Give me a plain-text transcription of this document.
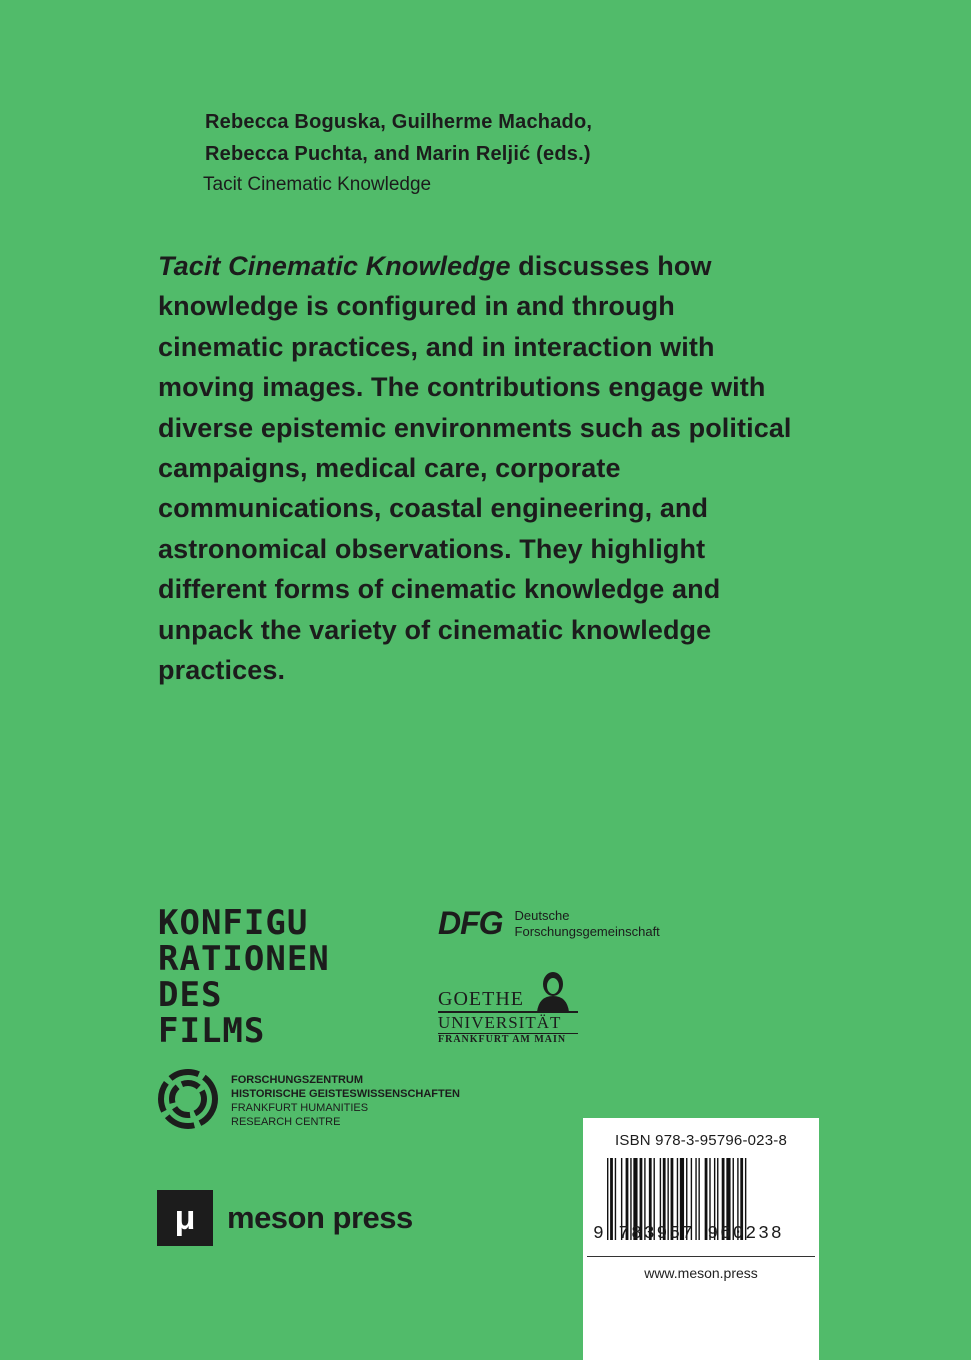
Rebecca Boguska, Guilherme Machado,
Rebecca Puchta, and Marin Reljić (eds.)
Tacit Cinematic Knowledge
Tacit Cinematic Knowledge discusses how knowledge is configured in and through cinematic practices, and in interaction with moving images. The contributions engage with diverse epistemic environments such as political campaigns, medical care, corporate communications, coastal engineering, and astronomical observations. They highlight different forms of cinematic knowledge and unpack the variety of cinematic knowledge practices.
KONFIGU
RATIONEN
DES
FILMS
DFG Deutsche
Forschungsgemeinschaft
GOETHE
UNIVERSITÄT
FRANKFURT AM MAIN
FORSCHUNGSZENTRUM
HISTORISCHE GEISTESWISSENSCHAFTEN
FRANKFURT HUMANITIES
RESEARCH CENTRE
μ	meson press
ISBN 978-3-95796-023-8
9 783957 960238
www.meson.press
